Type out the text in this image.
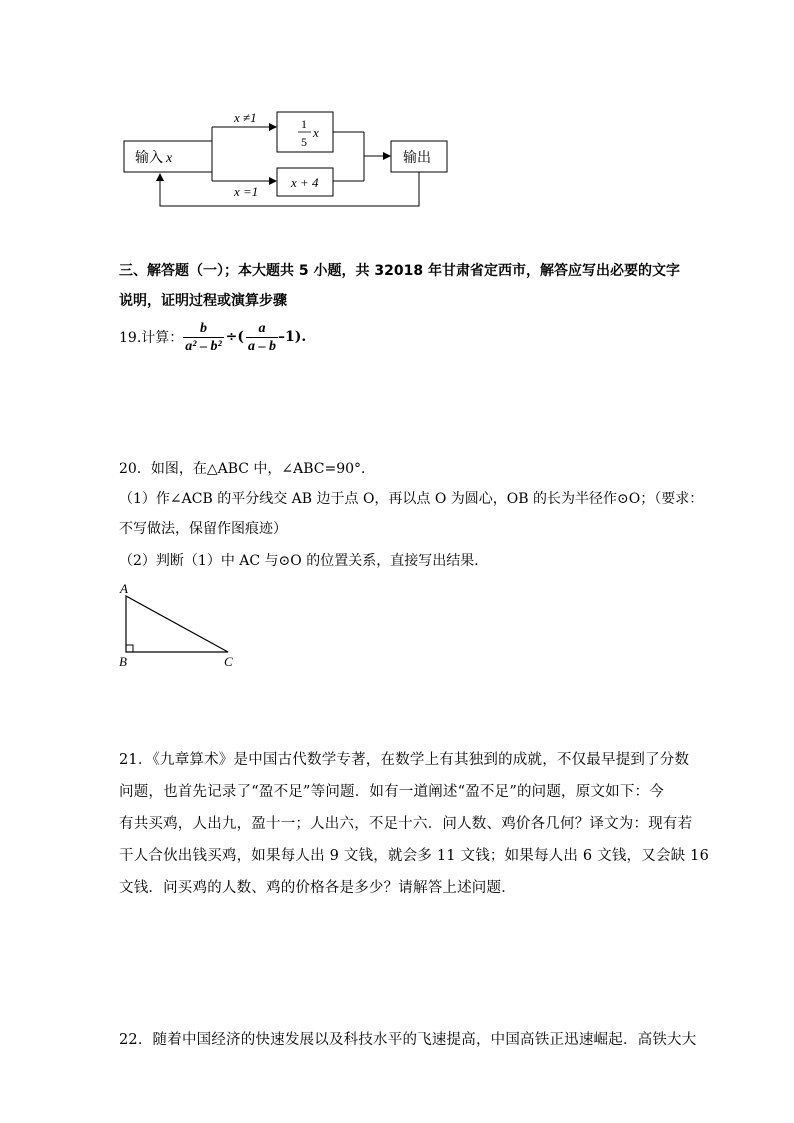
输入 x
x ≠1
x =1
1
5
x
x + 4
输出
三、解答题（一）；本大题共 5 小题，共 32018 年甘肃省定西市，解答应写出必要的文字
说明，证明过程或演算步骤
19.计算： $\frac{b}{\text{a² – b²}}$ ÷( $\frac{a}{a - b} -1$).
20．如图，在△ABC 中，∠ABC=90°．
（1）作∠ACB 的平分线交 AB 边于点 O，再以点 O 为圆心，OB 的长为半径作⊙O；（要求：
不写做法，保留作图痕迹）
（2）判断（1）中 AC 与⊙O 的位置关系，直接写出结果．
A
B	C
21．《九章算术》是中国古代数学专著，在数学上有其独到的成就，不仅最早提到了分数
问题，也首先记录了“盈不足”等问题．如有一道阐述“盈不足”的问题，原文如下：今
有共买鸡，人出九，盈十一；人出六，不足十六．问人数、鸡价各几何？译文为：现有若
干人合伙出钱买鸡，如果每人出 9 文钱，就会多 11 文钱；如果每人出 6 文钱，又会缺 16
文钱．问买鸡的人数、鸡的价格各是多少？请解答上述问题．
22．随着中国经济的快速发展以及科技水平的飞速提高，中国高铁正迅速崛起．高铁大大
